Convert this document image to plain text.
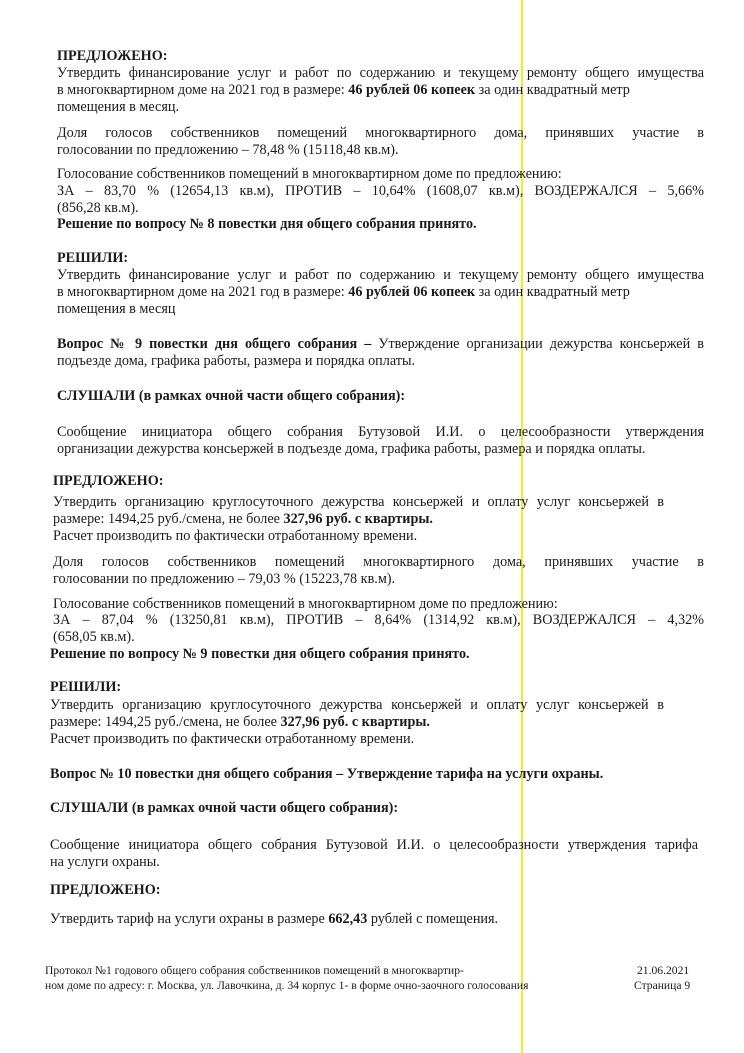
ПРЕДЛОЖЕНО:
Утвердить финансирование услуг и работ по содержанию и текущему ремонту общего имущества
в многоквартирном доме на 2021 год в размере: 46 рублей 06 копеек за один квадратный метр
помещения в месяц.
Доля голосов собственников помещений многоквартирного дома, принявших участие в
голосовании по предложению – 78,48 % (15118,48 кв.м).
Голосование собственников помещений в многоквартирном доме по предложению:
ЗА – 83,70 % (12654,13 кв.м), ПРОТИВ – 10,64% (1608,07 кв.м), ВОЗДЕРЖАЛСЯ – 5,66%
(856,28 кв.м).
Решение по вопросу № 8 повестки дня общего собрания принято.
РЕШИЛИ:
Утвердить финансирование услуг и работ по содержанию и текущему ремонту общего имущества
в многоквартирном доме на 2021 год в размере: 46 рублей 06 копеек за один квадратный метр
помещения в месяц
Вопрос № 9 повестки дня общего собрания – Утверждение организации дежурства консьержей в
подъезде дома, графика работы, размера и порядка оплаты.
СЛУШАЛИ (в рамках очной части общего собрания):
Сообщение инициатора общего собрания Бутузовой И.И. о целесообразности утверждения
организации дежурства консьержей в подъезде дома, графика работы, размера и порядка оплаты.
ПРЕДЛОЖЕНО:
Утвердить организацию круглосуточного дежурства консьержей и оплату услуг консьержей в
размере: 1494,25 руб./смена, не более 327,96 руб. с квартиры.
Расчет производить по фактически отработанному времени.
Доля голосов собственников помещений многоквартирного дома, принявших участие в
голосовании по предложению – 79,03 % (15223,78 кв.м).
Голосование собственников помещений в многоквартирном доме по предложению:
ЗА – 87,04 % (13250,81 кв.м), ПРОТИВ – 8,64% (1314,92 кв.м), ВОЗДЕРЖАЛСЯ – 4,32%
(658,05 кв.м).
Решение по вопросу № 9 повестки дня общего собрания принято.
РЕШИЛИ:
Утвердить организацию круглосуточного дежурства консьержей и оплату услуг консьержей в
размере: 1494,25 руб./смена, не более 327,96 руб. с квартиры.
Расчет производить по фактически отработанному времени.
Вопрос № 10 повестки дня общего собрания – Утверждение тарифа на услуги охраны.
СЛУШАЛИ (в рамках очной части общего собрания):
Сообщение инициатора общего собрания Бутузовой И.И. о целесообразности утверждения тарифа
на услуги охраны.
ПРЕДЛОЖЕНО:
Утвердить тариф на услуги охраны в размере 662,43 рублей с помещения.
Протокол №1 годового общего собрания собственников помещений в многоквартир-
ном доме по адресу: г. Москва, ул. Лавочкина, д. 34 корпус 1- в форме очно-заочного голосования
21.06.2021
Страница 9
